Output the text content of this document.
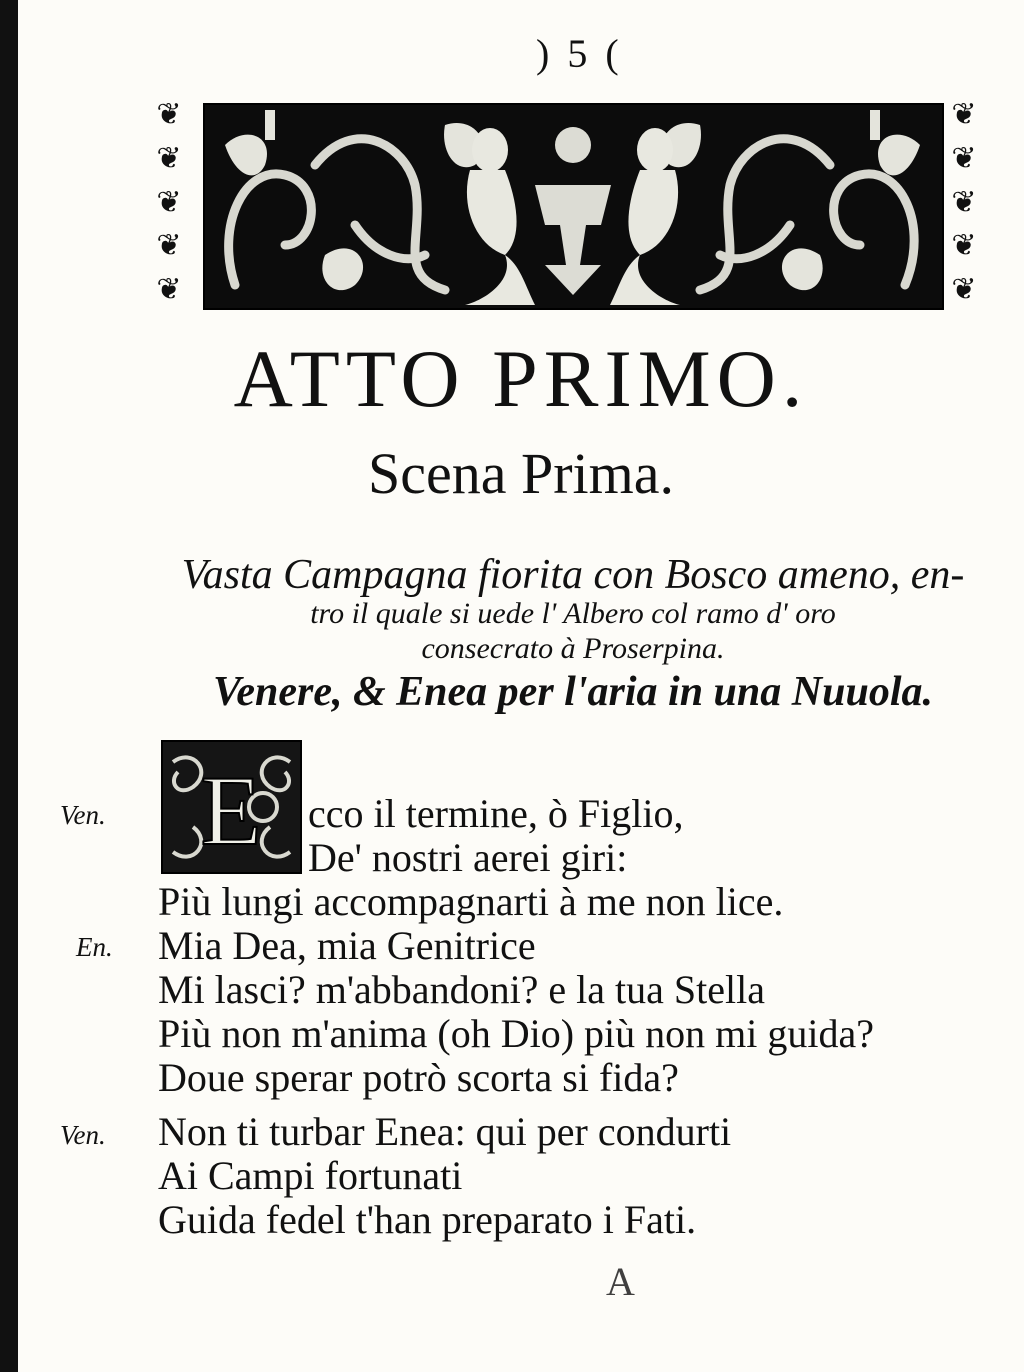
) 5 (
❦
❦
❦
❦
❦
❦
❦
❦
❦
❦
ATTO PRIMO.
Scena Prima.
Vasta Campagna fiorita con Bosco ameno, en-
tro il quale si uede l' Albero col ramo d' oro
consecrato à Proserpina.
Venere, & Enea per l'aria in una Nuuola.
E
Ven.	cco il termine, ò Figlio,
De' nostri aerei giri:
Più lungi accompagnarti à me non lice.
En. Mia Dea, mia Genitrice
Mi lasci? m'abbandoni? e la tua Stella
Più non m'anima (oh Dio) più non mi guida?
Doue sperar potrò scorta si fida?
Ven. Non ti turbar Enea: qui per condurti
Ai Campi fortunati
Guida fedel t'han preparato i Fati.
A
